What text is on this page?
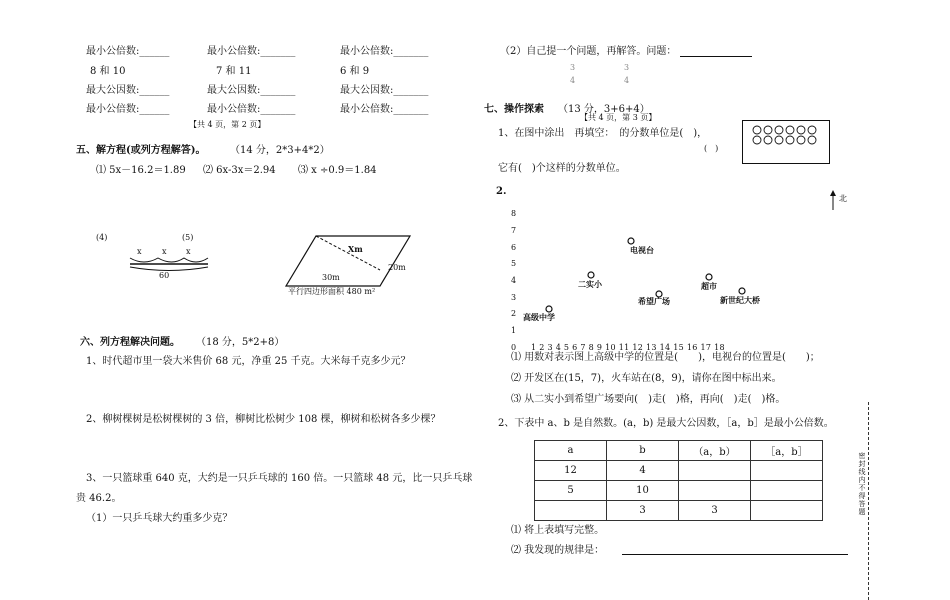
最小公倍数:______	最小公倍数:_______	最小公倍数:_______
8 和 10	7 和 11	6 和 9
最大公因数:______	最大公因数:_______	最大公因数:_______
最小公倍数:______	最小公倍数:_______	最小公倍数:_______
【共 4 页，第 2 页】
五、解方程(或列方程解答)。 （14 分，2*3+4*2）
⑴ 5x－16.2＝1.89 ⑵ 6x-3x＝2.94 ⑶ x ÷0.9＝1.84
(4)	(5)
x	x x
60
Xm
20m
30m
平行四边形面积 480 m²
六、列方程解决问题。 （18 分，5*2+8）
1、时代超市里一袋大米售价 68 元，净重 25 千克。大米每千克多少元？
2、柳树棵树是松树棵树的 3 倍，柳树比松树少 108 棵，柳树和松树各多少棵？
3、一只篮球重 640 克，大约是一只乒乓球的 160 倍。一只篮球 48 元，比一只乒乓球
贵 46.2。
（1）一只乒乓球大约重多少克？
（2）自己提一个问题，再解答。问题：
3
4
3
4
七、操作探索 （13 分，3+6+4）
【共 4 页，第 3 页】
1、在图中涂出　再填空：　的分数单位是(　)，
(　)
它有(　)个这样的分数单位。
2.
北
8
7
6
5
4
3
2
1
0 1 2 3 4 5 6 7 8 9 10 11 12 13 14 15 16 17 18
电视台
二实小	超市
希望广场	新世纪大桥
高级中学
⑴ 用数对表示图上高级中学的位置是(　　)，电视台的位置是(　　)；
⑵ 开发区在(15，7)，火车站在(8，9)，请你在图中标出来。
⑶ 从二实小到希望广场要向(　)走(　)格，再向(　)走(　)格。
2、下表中 a、b 是自然数。(a，b) 是最大公因数，［a，b］是最小公倍数。
a	b	（a，b）	［a，b］
12	4		
5	10		
	3	3	
⑴ 将上表填写完整。
⑵ 我发现的规律是：
密封线内不得答题
